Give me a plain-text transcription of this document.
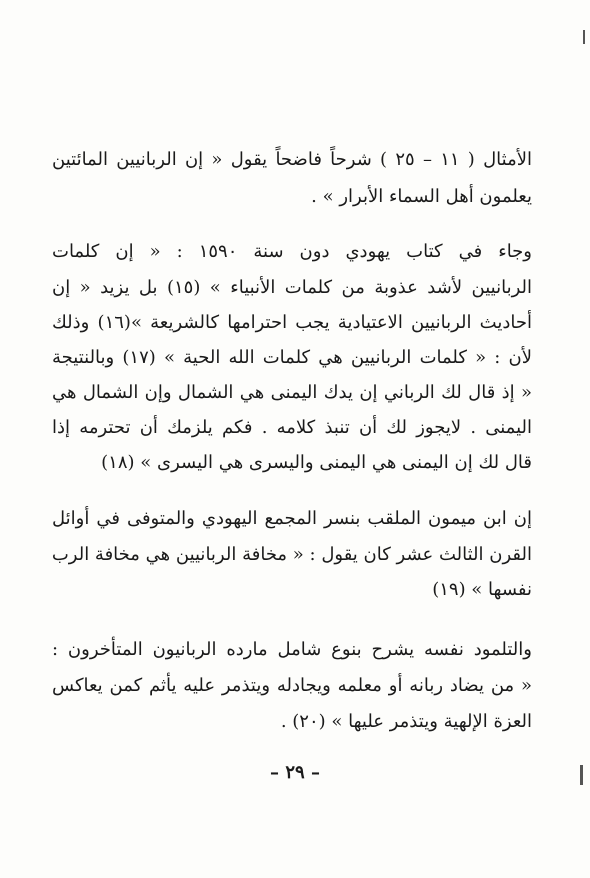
الأمثال ( ١١ – ٢٥ ) شرحاً فاضحاً يقول « إن الربانيين المائتين
يعلمون أهل السماء الأبرار » .
وجاء في كتاب يهودي دون سنة ١٥٩٠ : « إن كلمات
الربانيين لأشد عذوبة من كلمات الأنبياء » (١٥) بل يزيد « إن
أحاديث الربانيين الاعتيادية يجب احترامها كالشريعة »(١٦) وذلك
لأن : « كلمات الربانيين هي كلمات الله الحية » (١٧) وبالنتيجة
« إذ قال لك الرباني إن يدك اليمنى هي الشمال وإن الشمال هي
اليمنى . لايجوز لك أن تنبذ كلامه . فكم يلزمك أن تحترمه إذا
قال لك إن اليمنى هي اليمنى واليسرى هي اليسرى » (١٨)
إن ابن ميمون الملقب بنسر المجمع اليهودي والمتوفى في أوائل
القرن الثالث عشر كان يقول : « مخافة الربانيين هي مخافة الرب
نفسها » (١٩)
والتلمود نفسه يشرح بنوع شامل مارده الربانيون المتأخرون :
« من يضاد ربانه أو معلمه ويجادله ويتذمر عليه يأثم كمن يعاكس
العزة الإلهية ويتذمر عليها » (٢٠) .
– ٢٩ –
